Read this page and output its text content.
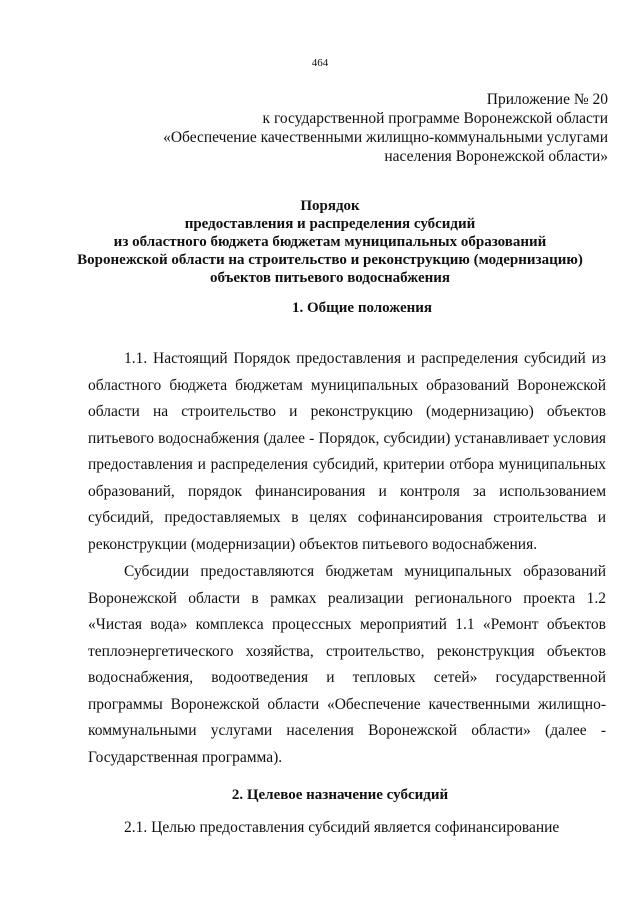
464
Приложение № 20
к государственной программе Воронежской области
«Обеспечение качественными жилищно-коммунальными услугами
населения Воронежской области»
Порядок
предоставления и распределения субсидий
из областного бюджета бюджетам муниципальных образований
Воронежской области на строительство и реконструкцию (модернизацию)
объектов питьевого водоснабжения
1. Общие положения
1.1. Настоящий Порядок предоставления и распределения субсидий из областного бюджета бюджетам муниципальных образований Воронежской области на строительство и реконструкцию (модернизацию) объектов питьевого водоснабжения (далее - Порядок, субсидии) устанавливает условия предоставления и распределения субсидий, критерии отбора муниципальных образований, порядок финансирования и контроля за использованием субсидий, предоставляемых в целях софинансирования строительства и реконструкции (модернизации) объектов питьевого водоснабжения.
Субсидии предоставляются бюджетам муниципальных образований Воронежской области в рамках реализации регионального проекта 1.2 «Чистая вода» комплекса процессных мероприятий 1.1 «Ремонт объектов теплоэнергетического хозяйства, строительство, реконструкция объектов водоснабжения, водоотведения и тепловых сетей» государственной программы Воронежской области «Обеспечение качественными жилищно-коммунальными услугами населения Воронежской области» (далее - Государственная программа).
2. Целевое назначение субсидий
2.1. Целью предоставления субсидий является софинансирование
